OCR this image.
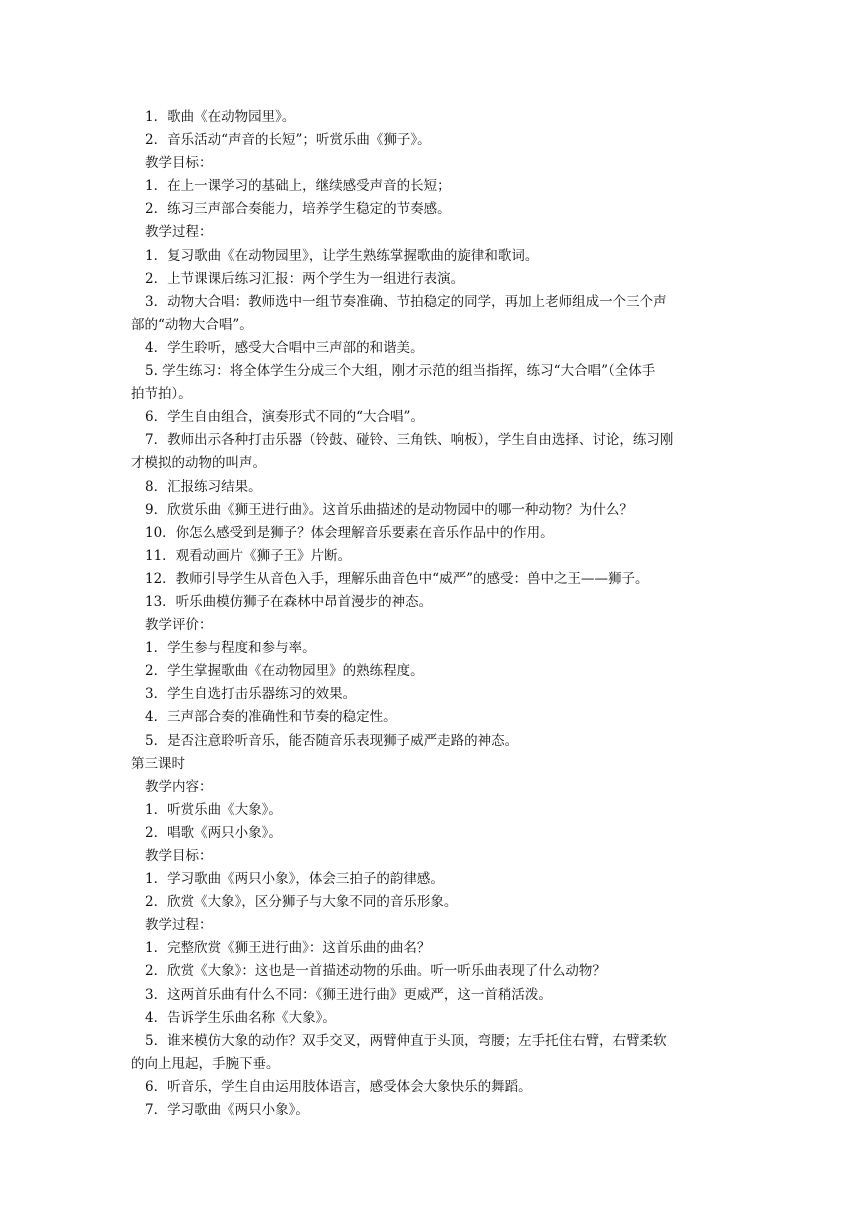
1．歌曲《在动物园里》。
2．音乐活动“声音的长短”；听赏乐曲《狮子》。
教学目标：
1．在上一课学习的基础上，继续感受声音的长短；
2．练习三声部合奏能力，培养学生稳定的节奏感。
教学过程：
1．复习歌曲《在动物园里》，让学生熟练掌握歌曲的旋律和歌词。
2．上节课课后练习汇报：两个学生为一组进行表演。
3．动物大合唱：教师选中一组节奏准确、节拍稳定的同学，再加上老师组成一个三个声
部的“动物大合唱”。
4．学生聆听，感受大合唱中三声部的和谐美。
5. 学生练习：将全体学生分成三个大组，刚才示范的组当指挥，练习“大合唱”（全体手
拍节拍）。
6．学生自由组合，演奏形式不同的“大合唱”。
7．教师出示各种打击乐器（铃鼓、碰铃、三角铁、响板），学生自由选择、讨论，练习刚
才模拟的动物的叫声。
8．汇报练习结果。
9．欣赏乐曲《狮王进行曲》。这首乐曲描述的是动物园中的哪一种动物？为什么？
10．你怎么感受到是狮子？体会理解音乐要素在音乐作品中的作用。
11．观看动画片《狮子王》片断。
12．教师引导学生从音色入手，理解乐曲音色中“威严”的感受：兽中之王——狮子。
13．听乐曲模仿狮子在森林中昂首漫步的神态。
教学评价：
1．学生参与程度和参与率。
2．学生掌握歌曲《在动物园里》的熟练程度。
3．学生自选打击乐器练习的效果。
4．三声部合奏的准确性和节奏的稳定性。
5．是否注意聆听音乐，能否随音乐表现狮子威严走路的神态。
第三课时
教学内容：
1．听赏乐曲《大象》。
2．唱歌《两只小象》。
教学目标：
1．学习歌曲《两只小象》，体会三拍子的韵律感。
2．欣赏《大象》，区分狮子与大象不同的音乐形象。
教学过程：
1．完整欣赏《狮王进行曲》：这首乐曲的曲名？
2．欣赏《大象》：这也是一首描述动物的乐曲。听一听乐曲表现了什么动物？
3．这两首乐曲有什么不同：《狮王进行曲》更威严，这一首稍活泼。
4．告诉学生乐曲名称《大象》。
5．谁来模仿大象的动作？双手交叉，两臂伸直于头顶，弯腰；左手托住右臂，右臂柔软
的向上甩起，手腕下垂。
6．听音乐，学生自由运用肢体语言，感受体会大象快乐的舞蹈。
7．学习歌曲《两只小象》。
